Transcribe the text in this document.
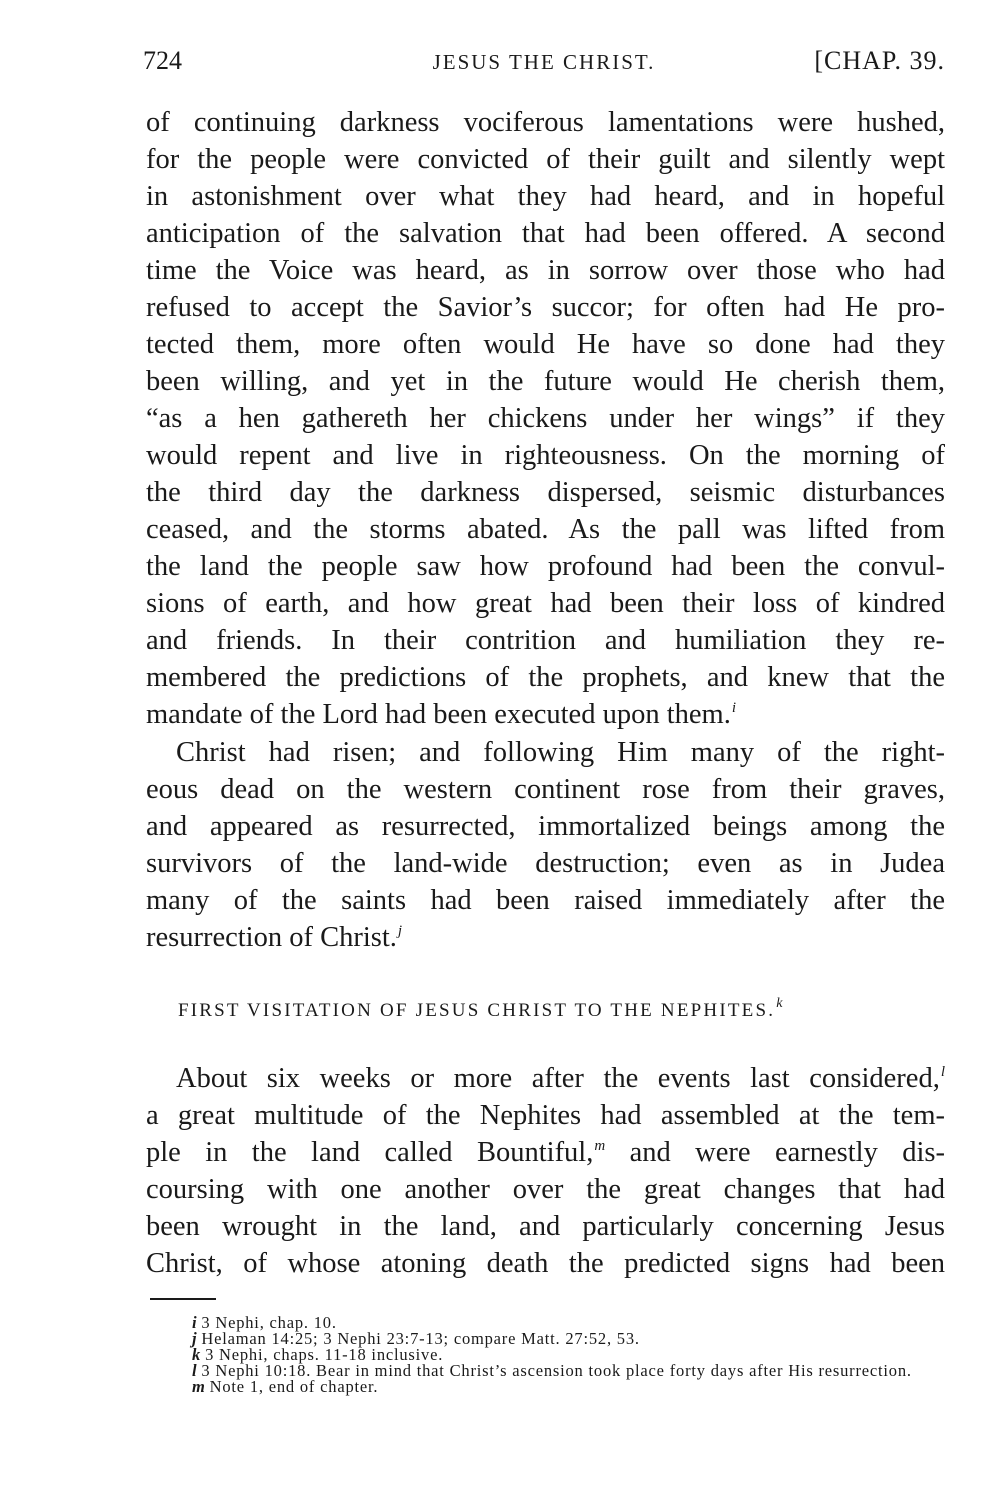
724	JESUS THE CHRIST.	[CHAP. 39.
of continuing darkness vociferous lamentations were hushed,
for the people were convicted of their guilt and silently wept
in astonishment over what they had heard, and in hopeful
anticipation of the salvation that had been offered. A second
time the Voice was heard, as in sorrow over those who had
refused to accept the Savior’s succor; for often had He pro-
tected them, more often would He have so done had they
been willing, and yet in the future would He cherish them,
“as a hen gathereth her chickens under her wings” if they
would repent and live in righteousness. On the morning of
the third day the darkness dispersed, seismic disturbances
ceased, and the storms abated. As the pall was lifted from
the land the people saw how profound had been the convul-
sions of earth, and how great had been their loss of kindred
and friends. In their contrition and humiliation they re-
membered the predictions of the prophets, and knew that the
mandate of the Lord had been executed upon them.$^i$
Christ had risen; and following Him many of the right-
eous dead on the western continent rose from their graves,
and appeared as resurrected, immortalized beings among the
survivors of the land-wide destruction; even as in Judea
many of the saints had been raised immediately after the
resurrection of Christ.$^j$
FIRST VISITATION OF JESUS CHRIST TO THE NEPHITES.$^k$
About six weeks or more after the events last considered,$^l$
a great multitude of the Nephites had assembled at the tem-
ple in the land called Bountiful,$^m$ and were earnestly dis-
coursing with one another over the great changes that had
been wrought in the land, and particularly concerning Jesus
Christ, of whose atoning death the predicted signs had been
i 3 Nephi, chap. 10.
j Helaman 14:25; 3 Nephi 23:7-13; compare Matt. 27:52, 53.
k 3 Nephi, chaps. 11-18 inclusive.
l 3 Nephi 10:18. Bear in mind that Christ’s ascension took place forty days after His resurrection.
m Note 1, end of chapter.
